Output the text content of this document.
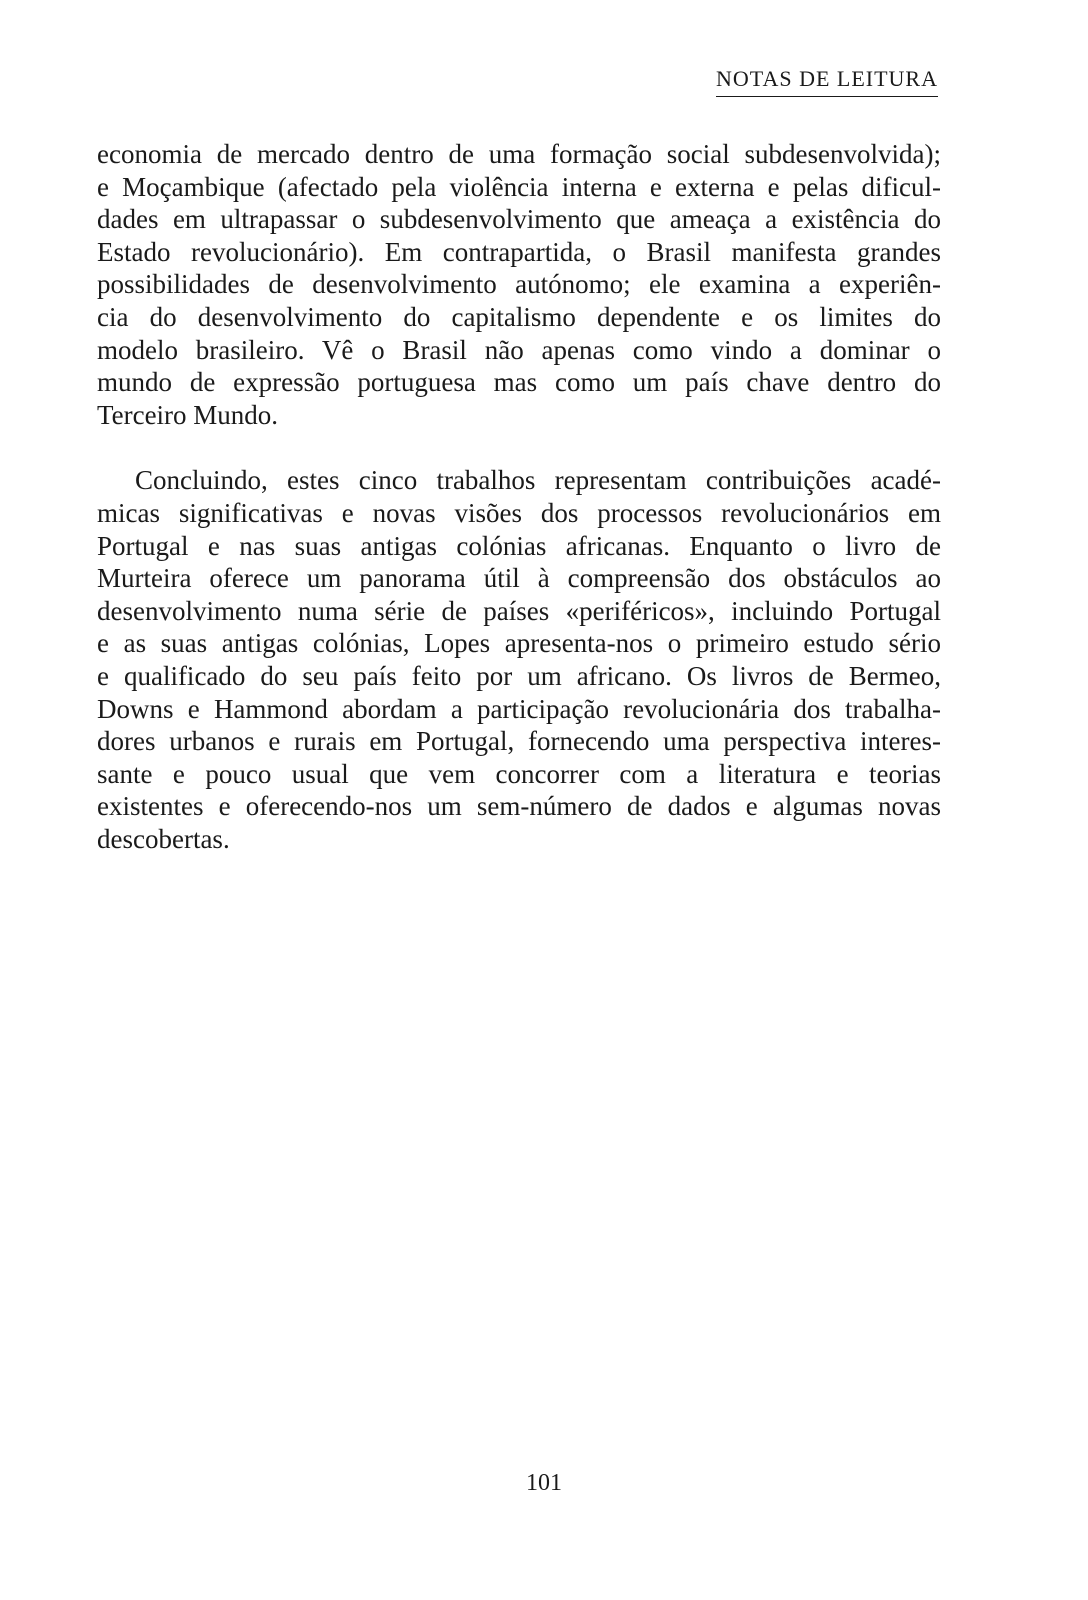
NOTAS DE LEITURA

economia de mercado dentro de uma formação social subdesenvolvida);
e Moçambique (afectado pela violência interna e externa e pelas dificul-
dades em ultrapassar o subdesenvolvimento que ameaça a existência do
Estado revolucionário). Em contrapartida, o Brasil manifesta grandes
possibilidades de desenvolvimento autónomo; ele examina a experiên-
cia do desenvolvimento do capitalismo dependente e os limites do
modelo brasileiro. Vê o Brasil não apenas como vindo a dominar o
mundo de expressão portuguesa mas como um país chave dentro do
Terceiro Mundo.

Concluindo, estes cinco trabalhos representam contribuições acadé-
micas significativas e novas visões dos processos revolucionários em
Portugal e nas suas antigas colónias africanas. Enquanto o livro de
Murteira oferece um panorama útil à compreensão dos obstáculos ao
desenvolvimento numa série de países «periféricos», incluindo Portugal
e as suas antigas colónias, Lopes apresenta-nos o primeiro estudo sério
e qualificado do seu país feito por um africano. Os livros de Bermeo,
Downs e Hammond abordam a participação revolucionária dos trabalha-
dores urbanos e rurais em Portugal, fornecendo uma perspectiva interes-
sante e pouco usual que vem concorrer com a literatura e teorias
existentes e oferecendo-nos um sem-número de dados e algumas novas
descobertas.

101
